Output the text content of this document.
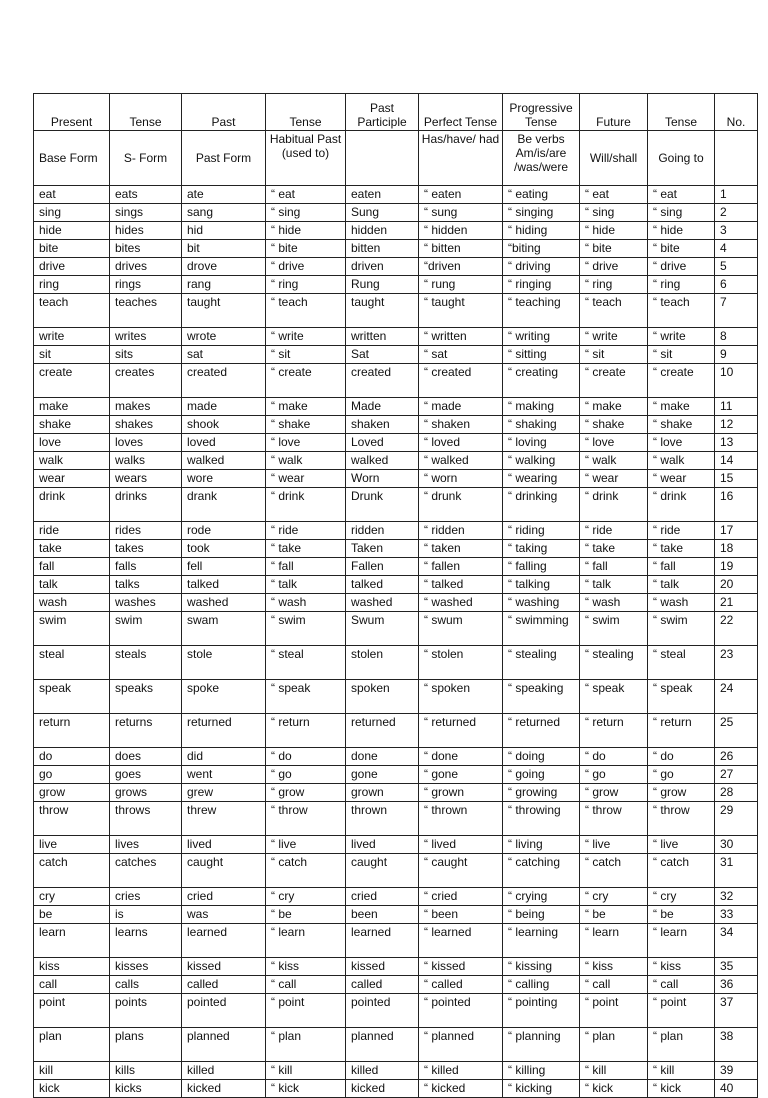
Present	Tense	Past	Tense	Past Participle	Perfect Tense	Progressive Tense	Future	Tense	No.
Base Form	S- Form	Past Form	Habitual Past (used to)		Has/have/ had	Be verbs Am/is/are /was/were	Will/shall	Going to	
eat	eats	ate	“ eat	eaten	“ eaten	“ eating	“ eat	“ eat	1
sing	sings	sang	“ sing	Sung	“ sung	“ singing	“ sing	“ sing	2
hide	hides	hid	“ hide	hidden	“ hidden	“ hiding	“ hide	“ hide	3
bite	bites	bit	“ bite	bitten	“ bitten	“biting	“ bite	“ bite	4
drive	drives	drove	“ drive	driven	“driven	“ driving	“ drive	“ drive	5
ring	rings	rang	“ ring	Rung	“ rung	“ ringing	“ ring	“ ring	6
teach	teaches	taught	“ teach	taught	“ taught	“ teaching	“ teach	“ teach	7
write	writes	wrote	“ write	written	“ written	“ writing	“ write	“ write	8
sit	sits	sat	“ sit	Sat	“ sat	“ sitting	“ sit	“ sit	9
create	creates	created	“ create	created	“ created	“ creating	“ create	“ create	10
make	makes	made	“ make	Made	“ made	“ making	“ make	“ make	11
shake	shakes	shook	“ shake	shaken	“ shaken	“ shaking	“ shake	“ shake	12
love	loves	loved	“ love	Loved	“ loved	“ loving	“ love	“ love	13
walk	walks	walked	“ walk	walked	“ walked	“ walking	“ walk	“ walk	14
wear	wears	wore	“ wear	Worn	“ worn	“ wearing	“ wear	“ wear	15
drink	drinks	drank	“ drink	Drunk	“ drunk	“ drinking	“ drink	“ drink	16
ride	rides	rode	“ ride	ridden	“ ridden	“ riding	“ ride	“ ride	17
take	takes	took	“ take	Taken	“ taken	“ taking	“ take	“ take	18
fall	falls	fell	“ fall	Fallen	“ fallen	“ falling	“ fall	“ fall	19
talk	talks	talked	“ talk	talked	“ talked	“ talking	“ talk	“ talk	20
wash	washes	washed	“ wash	washed	“ washed	“ washing	“ wash	“ wash	21
swim	swim	swam	“ swim	Swum	“ swum	“ swimming	“ swim	“ swim	22
steal	steals	stole	“ steal	stolen	“ stolen	“ stealing	“ stealing	“ steal	23
speak	speaks	spoke	“ speak	spoken	“ spoken	“ speaking	“ speak	“ speak	24
return	returns	returned	“ return	returned	“ returned	“ returned	“ return	“ return	25
do	does	did	“ do	done	“ done	“ doing	“ do	“ do	26
go	goes	went	“ go	gone	“ gone	“ going	“ go	“ go	27
grow	grows	grew	“ grow	grown	“ grown	“ growing	“ grow	“ grow	28
throw	throws	threw	“ throw	thrown	“ thrown	“ throwing	“ throw	“ throw	29
live	lives	lived	“ live	lived	“ lived	“ living	“ live	“ live	30
catch	catches	caught	“ catch	caught	“ caught	“ catching	“ catch	“ catch	31
cry	cries	cried	“ cry	cried	“ cried	“ crying	“ cry	“ cry	32
be	is	was	“ be	been	“ been	“ being	“ be	“ be	33
learn	learns	learned	“ learn	learned	“ learned	“ learning	“ learn	“ learn	34
kiss	kisses	kissed	“ kiss	kissed	“ kissed	“ kissing	“ kiss	“ kiss	35
call	calls	called	“ call	called	“ called	“ calling	“ call	“ call	36
point	points	pointed	“ point	pointed	“ pointed	“ pointing	“ point	“ point	37
plan	plans	planned	“ plan	planned	“ planned	“ planning	“ plan	“ plan	38
kill	kills	killed	“ kill	killed	“ killed	“ killing	“ kill	“ kill	39
kick	kicks	kicked	“ kick	kicked	“ kicked	“ kicking	“ kick	“ kick	40
